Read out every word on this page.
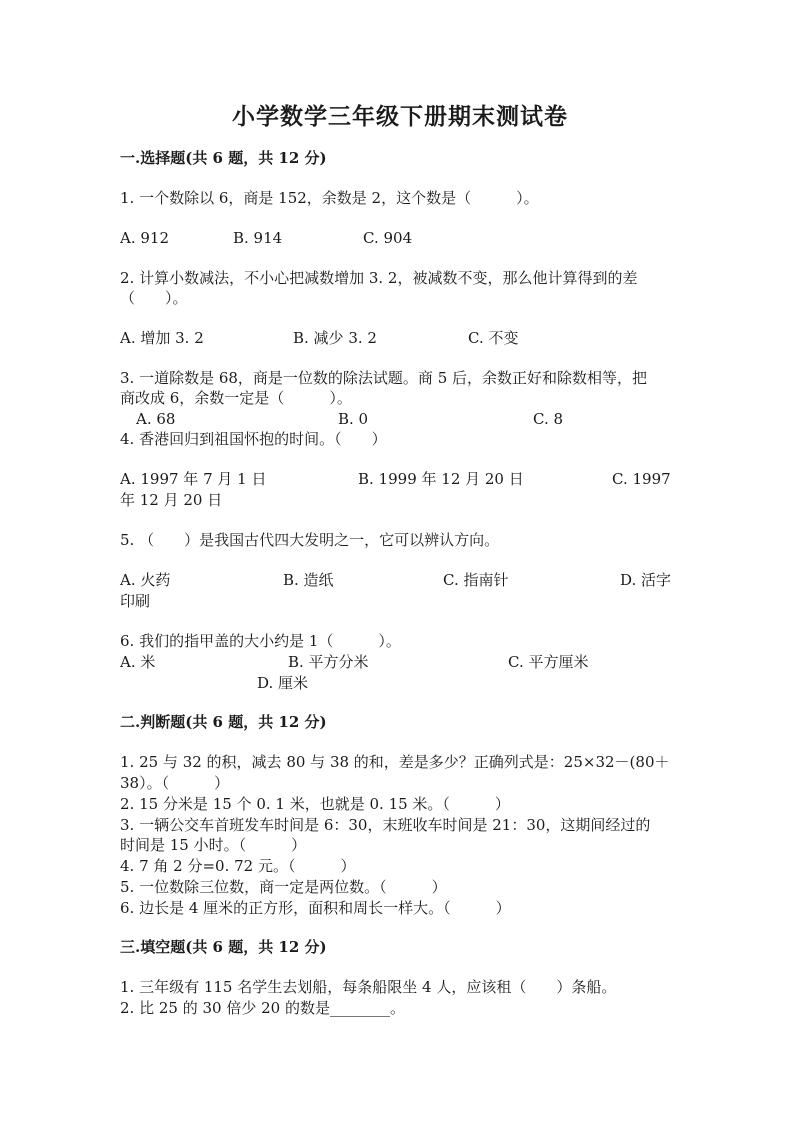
小学数学三年级下册期末测试卷
一.选择题(共 6 题，共 12 分)
1. 一个数除以 6，商是 152，余数是 2，这个数是（　　　）。
A. 912	B. 914	C. 904
2. 计算小数减法，不小心把减数增加 3. 2，被减数不变，那么他计算得到的差
（　　）。
A. 增加 3. 2	B. 减少 3. 2	C. 不变
3. 一道除数是 68，商是一位数的除法试题。商 5 后，余数正好和除数相等，把
商改成 6，余数一定是（　　　）。
A. 68	B. 0	C. 8
4. 香港回归到祖国怀抱的时间。（　　）
A. 1997 年 7 月 1 日	B. 1999 年 12 月 20 日	C. 1997
年 12 月 20 日
5. （　　）是我国古代四大发明之一，它可以辨认方向。
A. 火药	B. 造纸	C. 指南针	D. 活字
印刷
6. 我们的指甲盖的大小约是 1（　　　）。
A. 米	B. 平方分米	C. 平方厘米
D. 厘米
二.判断题(共 6 题，共 12 分)
1. 25 与 32 的积，减去 80 与 38 的和，差是多少？正确列式是：25×32－(80＋
38）。（　　　）
2. 15 分米是 15 个 0. 1 米，也就是 0. 15 米。（　　　）
3. 一辆公交车首班发车时间是 6：30，末班收车时间是 21：30，这期间经过的
时间是 15 小时。（　　　）
4. 7 角 2 分=0. 72 元。（　　　）
5. 一位数除三位数，商一定是两位数。（　　　）
6. 边长是 4 厘米的正方形，面积和周长一样大。（　　　）
三.填空题(共 6 题，共 12 分)
1. 三年级有 115 名学生去划船，每条船限坐 4 人，应该租（　　）条船。
2. 比 25 的 30 倍少 20 的数是________。
